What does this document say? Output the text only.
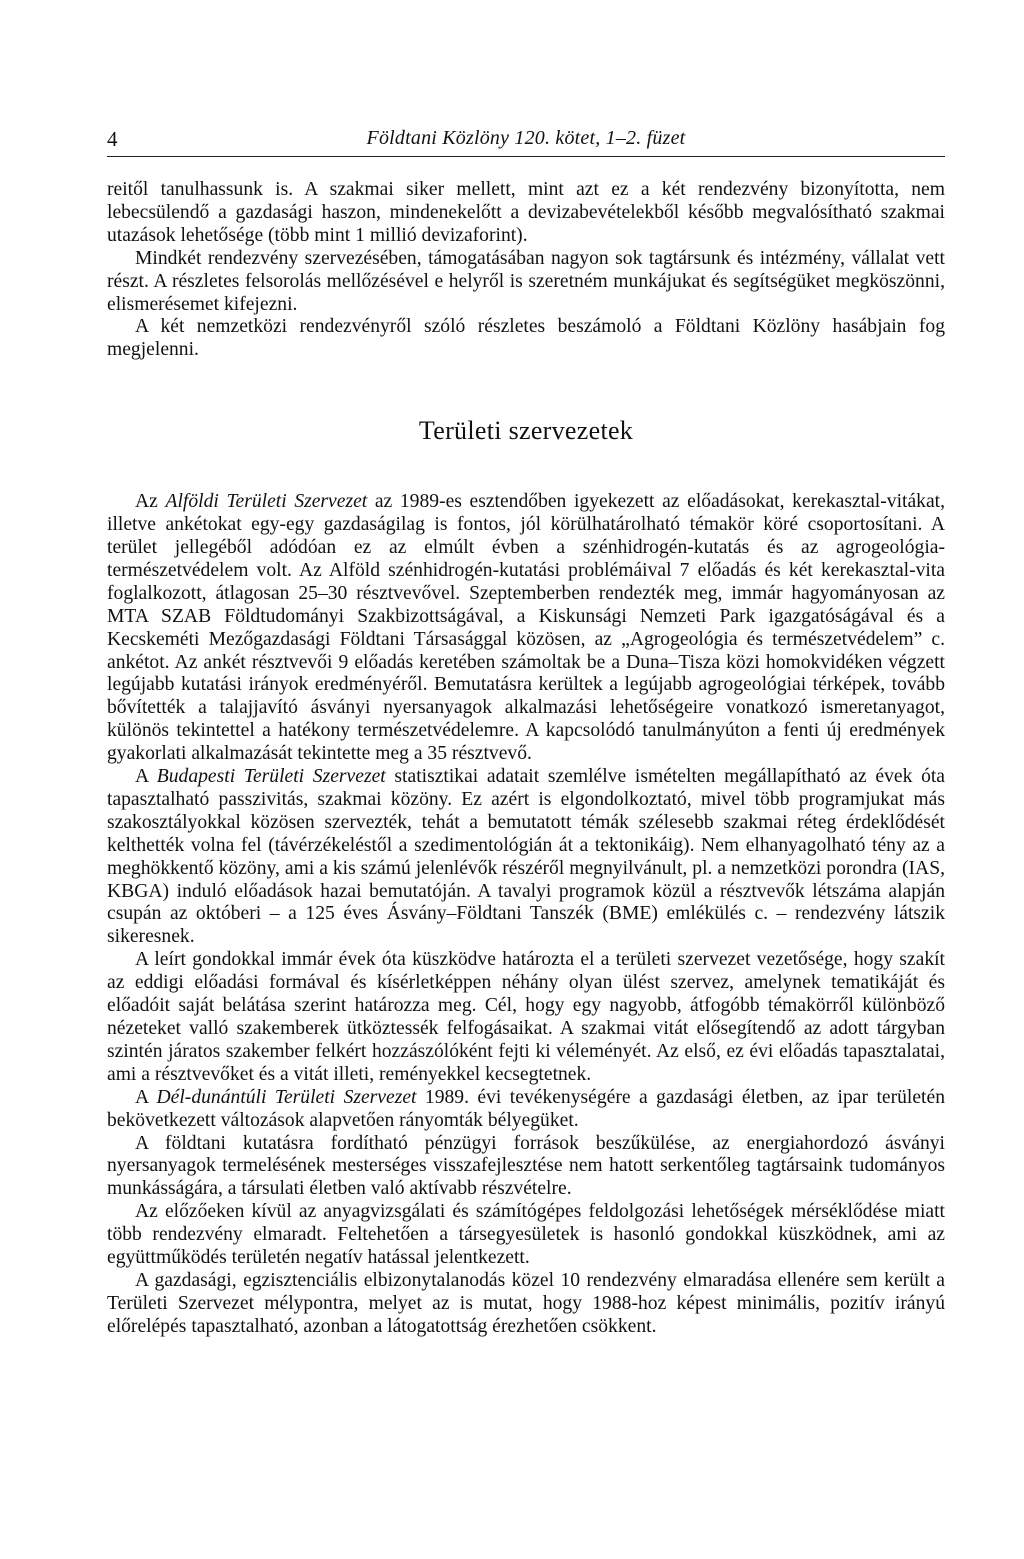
4	Földtani Közlöny 120. kötet, 1–2. füzet

reitől tanulhassunk is. A szakmai siker mellett, mint azt ez a két rendezvény bizonyította, nem lebecsülendő a gazdasági haszon, mindenekelőtt a devizabevételekből később megvalósítható szakmai utazások lehetősége (több mint 1 millió devizaforint).

Mindkét rendezvény szervezésében, támogatásában nagyon sok tagtársunk és intézmény, vállalat vett részt. A részletes felsorolás mellőzésével e helyről is szeretném munkájukat és segítségüket megköszönni, elismerésemet kifejezni.

A két nemzetközi rendezvényről szóló részletes beszámoló a Földtani Közlöny hasábjain fog megjelenni.

Területi szervezetek

Az Alföldi Területi Szervezet az 1989-es esztendőben igyekezett az előadásokat, kerekasztal-vitákat, illetve ankétokat egy-egy gazdaságilag is fontos, jól körülhatárolható témakör köré csoportosítani. A terület jellegéből adódóan ez az elmúlt évben a szénhidrogén-kutatás és az agrogeológia-természetvédelem volt. Az Alföld szénhidrogén-kutatási problémáival 7 előadás és két kerekasztal-vita foglalkozott, átlagosan 25–30 résztvevővel. Szeptemberben rendezték meg, immár hagyományosan az MTA SZAB Földtudományi Szakbizottságával, a Kiskunsági Nemzeti Park igazgatóságával és a Kecskeméti Mezőgazdasági Földtani Társasággal közösen, az „Agrogeológia és természetvédelem” c. ankétot. Az ankét résztvevői 9 előadás keretében számoltak be a Duna–Tisza közi homokvidéken végzett legújabb kutatási irányok eredményéről. Bemutatásra kerültek a legújabb agrogeológiai térképek, tovább bővítették a talajjavító ásványi nyersanyagok alkalmazási lehetőségeire vonatkozó ismeretanyagot, különös tekintettel a hatékony természetvédelemre. A kapcsolódó tanulmányúton a fenti új eredmények gyakorlati alkalmazását tekintette meg a 35 résztvevő.

A Budapesti Területi Szervezet statisztikai adatait szemlélve ismételten megállapítható az évek óta tapasztalható passzivitás, szakmai közöny. Ez azért is elgondolkoztató, mivel több programjukat más szakosztályokkal közösen szervezték, tehát a bemutatott témák szélesebb szakmai réteg érdeklődését kelthették volna fel (távérzékeléstől a szedimentológián át a tektonikáig). Nem elhanyagolható tény az a meghökkentő közöny, ami a kis számú jelenlévők részéről megnyilvánult, pl. a nemzetközi porondra (IAS, KBGA) induló előadások hazai bemutatóján. A tavalyi programok közül a résztvevők létszáma alapján csupán az októberi – a 125 éves Ásvány–Földtani Tanszék (BME) emlékülés c. – rendezvény látszik sikeresnek.

A leírt gondokkal immár évek óta küszködve határozta el a területi szervezet vezetősége, hogy szakít az eddigi előadási formával és kísérletképpen néhány olyan ülést szervez, amelynek tematikáját és előadóit saját belátása szerint határozza meg. Cél, hogy egy nagyobb, átfogóbb témakörről különböző nézeteket valló szakemberek ütköztessék felfogásaikat. A szakmai vitát elősegítendő az adott tárgyban szintén járatos szakember felkért hozzászólóként fejti ki véleményét. Az első, ez évi előadás tapasztalatai, ami a résztvevőket és a vitát illeti, reményekkel kecsegtetnek.

A Dél-dunántúli Területi Szervezet 1989. évi tevékenységére a gazdasági életben, az ipar területén bekövetkezett változások alapvetően rányomták bélyegüket.

A földtani kutatásra fordítható pénzügyi források beszűkülése, az energiahordozó ásványi nyersanyagok termelésének mesterséges visszafejlesztése nem hatott serkentőleg tagtársaink tudományos munkásságára, a társulati életben való aktívabb részvételre.

Az előzőeken kívül az anyagvizsgálati és számítógépes feldolgozási lehetőségek mérséklődése miatt több rendezvény elmaradt. Feltehetően a társegyesületek is hasonló gondokkal küszködnek, ami az együttműködés területén negatív hatással jelentkezett.

A gazdasági, egzisztenciális elbizonytalanodás közel 10 rendezvény elmaradása ellenére sem került a Területi Szervezet mélypontra, melyet az is mutat, hogy 1988-hoz képest minimális, pozitív irányú előrelépés tapasztalható, azonban a látogatottság érezhetően csökkent.
